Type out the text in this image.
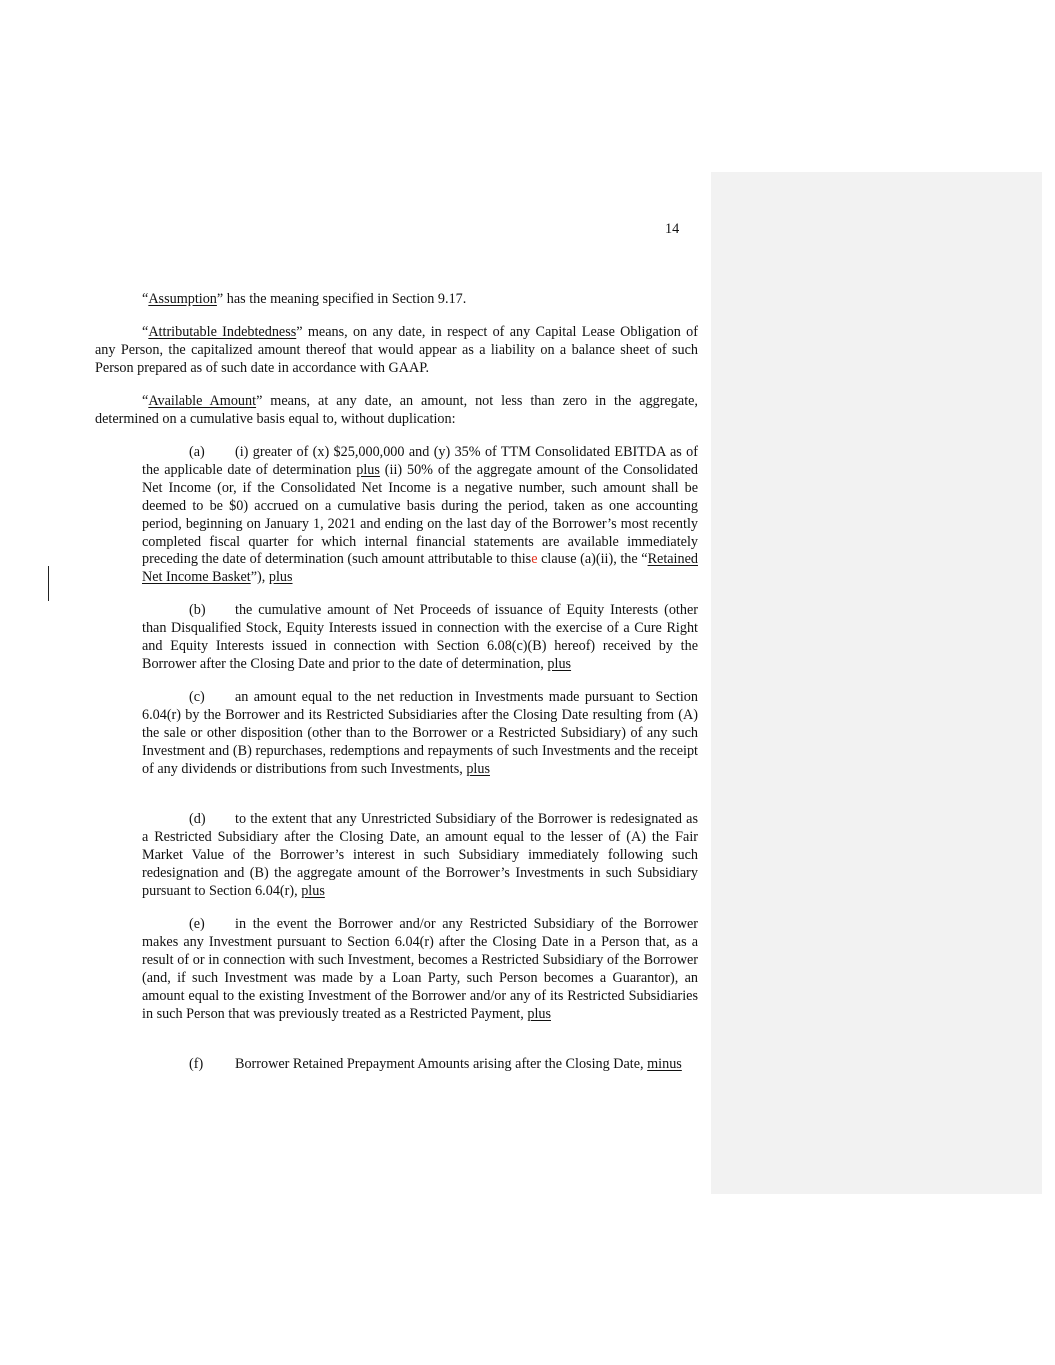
14

“Assumption” has the meaning specified in Section 9.17.

“Attributable Indebtedness” means, on any date, in respect of any Capital Lease Obligation of any Person, the capitalized amount thereof that would appear as a liability on a balance sheet of such Person prepared as of such date in accordance with GAAP.

“Available Amount” means, at any date, an amount, not less than zero in the aggregate, determined on a cumulative basis equal to, without duplication:

(a) (i) greater of (x) $25,000,000 and (y) 35% of TTM Consolidated EBITDA as of the applicable date of determination plus (ii) 50% of the aggregate amount of the Consolidated Net Income (or, if the Consolidated Net Income is a negative number, such amount shall be deemed to be $0) accrued on a cumulative basis during the period, taken as one accounting period, beginning on January 1, 2021 and ending on the last day of the Borrower’s most recently completed fiscal quarter for which internal financial statements are available immediately preceding the date of determination (such amount attributable to thise clause (a)(ii), the “Retained Net Income Basket”), plus

(b) the cumulative amount of Net Proceeds of issuance of Equity Interests (other than Disqualified Stock, Equity Interests issued in connection with the exercise of a Cure Right and Equity Interests issued in connection with Section 6.08(c)(B) hereof) received by the Borrower after the Closing Date and prior to the date of determination, plus

(c) an amount equal to the net reduction in Investments made pursuant to Section 6.04(r) by the Borrower and its Restricted Subsidiaries after the Closing Date resulting from (A) the sale or other disposition (other than to the Borrower or a Restricted Subsidiary) of any such Investment and (B) repurchases, redemptions and repayments of such Investments and the receipt of any dividends or distributions from such Investments, plus

(d) to the extent that any Unrestricted Subsidiary of the Borrower is redesignated as a Restricted Subsidiary after the Closing Date, an amount equal to the lesser of (A) the Fair Market Value of the Borrower’s interest in such Subsidiary immediately following such redesignation and (B) the aggregate amount of the Borrower’s Investments in such Subsidiary pursuant to Section 6.04(r), plus

(e) in the event the Borrower and/or any Restricted Subsidiary of the Borrower makes any Investment pursuant to Section 6.04(r) after the Closing Date in a Person that, as a result of or in connection with such Investment, becomes a Restricted Subsidiary of the Borrower (and, if such Investment was made by a Loan Party, such Person becomes a Guarantor), an amount equal to the existing Investment of the Borrower and/or any of its Restricted Subsidiaries in such Person that was previously treated as a Restricted Payment, plus

(f) Borrower Retained Prepayment Amounts arising after the Closing Date, minus
